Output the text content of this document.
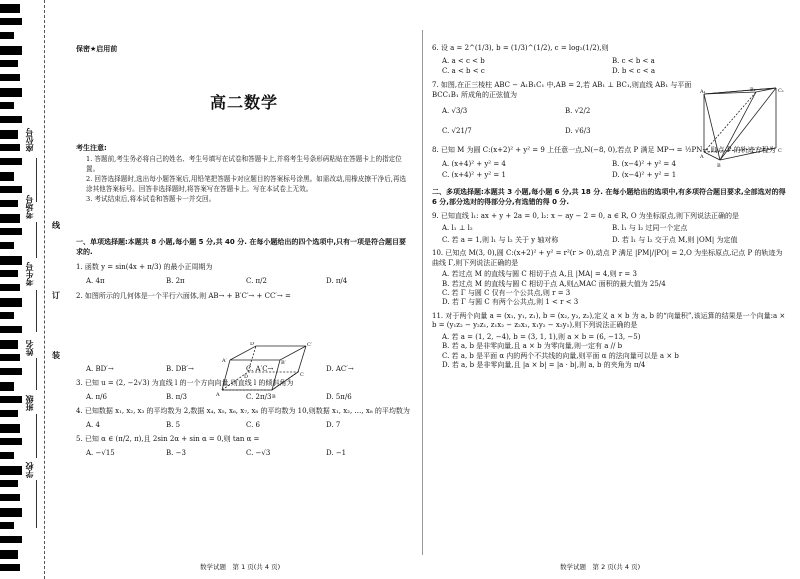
座位号
考场号
考生号
姓名
班级
学校
线
订
装
保密★启用前
高二数学
考生注意:

1. 答题前,考生务必将自己的姓名、考生号填写在试卷和答题卡上,并将考生号条形码粘贴在答题卡上的指定位置。

2. 回答选择题时,选出每小题答案后,用铅笔把答题卡对应题目的答案标号涂黑。如需改动,用橡皮擦干净后,再选涂其他答案标号。回答非选择题时,将答案写在答题卡上。写在本试卷上无效。

3. 考试结束后,将本试卷和答题卡一并交回。

一、单项选择题:本题共 8 小题,每小题 5 分,共 40 分. 在每小题给出的四个选项中,只有一项是符合题目要求的.
1. 函数 y = sin(4x + π/3) 的最小正周期为
A. 4π	B. 2π	C. π/2	D. π/4
2. 如图所示的几何体是一个平行六面体,则 AB→ + B′C′→ + CC′→ =
A. BD′→	B. DB′→	C. A′C→	D. AC′→
3. 已知 u = (2, −2√3) 为直线 l 的一个方向向量,则直线 l 的倾斜角为
A. π/6	B. π/3	C. 2π/3	D. 5π/6
4. 已知数据 x₁, x₂, x₃ 的平均数为 2,数据 x₄, x₅, x₆, x₇, x₈ 的平均数为 10,则数据 x₁, x₂, …, x₈ 的平均数为
A. 4	B. 5	C. 6	D. 7
5. 已知 α ∈ (π/2, π),且 2sin 2α + sin α = 0,则 tan α =
A. −√15	B. −3	C. −√3	D. −1
D′	C′
A′	B′
D	C
A	B
6. 设 a = 2^(1/3), b = (1/3)^(1/2), c = log₂(1/2),则
A. a < c < b	B. c < b < a
C. a < b < c	D. b < c < a
7. 如图,在正三棱柱 ABC − A₁B₁C₁ 中,AB = 2,若 AB₁ ⊥ BC₁,则直线 AB₁ 与平面 BCC₁B₁ 所成角的正弦值为
A. √3/3	B. √2/2
C. √21/7	D. √6/3
8. 已知 M 为圆 C:(x+2)² + y² = 9 上任意一点,N(−8, 0),若点 P 满足 MP→ = ½PN→,则点 P 的轨迹方程为
A. (x+4)² + y² = 4	B. (x−4)² + y² = 4
C. (x+4)² + y² = 1	D. (x−4)² + y² = 1
二、多项选择题:本题共 3 小题,每小题 6 分,共 18 分. 在每小题给出的选项中,有多项符合题目要求,全部选对的得 6 分,部分选对的得部分分,有选错的得 0 分.
9. 已知直线 l₁: ax + y + 2a = 0, l₂: x − ay − 2 = 0, a ∈ R, O 为坐标原点,则下列说法正确的是
A. l₁ ⊥ l₂	B. l₁ 与 l₂ 过同一个定点
C. 若 a = 1,则 l₁ 与 l₂ 关于 y 轴对称	D. 若 l₁ 与 l₂ 交于点 M,则 |OM| 为定值
10. 已知点 M(3, 0),圆 C:(x+2)² + y² = r²(r > 0),动点 P 满足 |PM|/|PO| = 2,O 为坐标原点,记点 P 的轨迹为曲线 Γ,则下列说法正确的是
A. 若过点 M 的直线与圆 C 相切于点 A,且 |MA| = 4,则 r = 3
B. 若过点 M 的直线与圆 C 相切于点 A,则△MAC 面积的最大值为 25/4
C. 若 Γ 与圆 C 仅有一个公共点,则 r = 3
D. 若 Γ 与圆 C 有两个公共点,则 1 < r < 3
11. 对于两个向量 a = (x₁, y₁, z₁), b = (x₂, y₂, z₂),定义 a × b 为 a, b 的“向量积”,该运算的结果是一个向量:a × b = (y₁z₂ − y₂z₁, z₁x₂ − z₂x₁, x₁y₂ − x₂y₁),则下列说法正确的是
A. 若 a = (1, 2, −4), b = (3, 1, 1),则 a × b = (6, −13, −5)
B. 若 a, b 是非零向量,且 a × b 为零向量,则一定有 a // b
C. 若 a, b 是平面 α 内的两个不共线的向量,则平面 α 的法向量可以是 a × b
D. 若 a, b 是非零向量,且 |a × b| = |a · b|,则 a, b 的夹角为 π/4
A₁	B₁	C₁
A
B
C
数学试题　第 1 页(共 4 页)	数学试题　第 2 页(共 4 页)
